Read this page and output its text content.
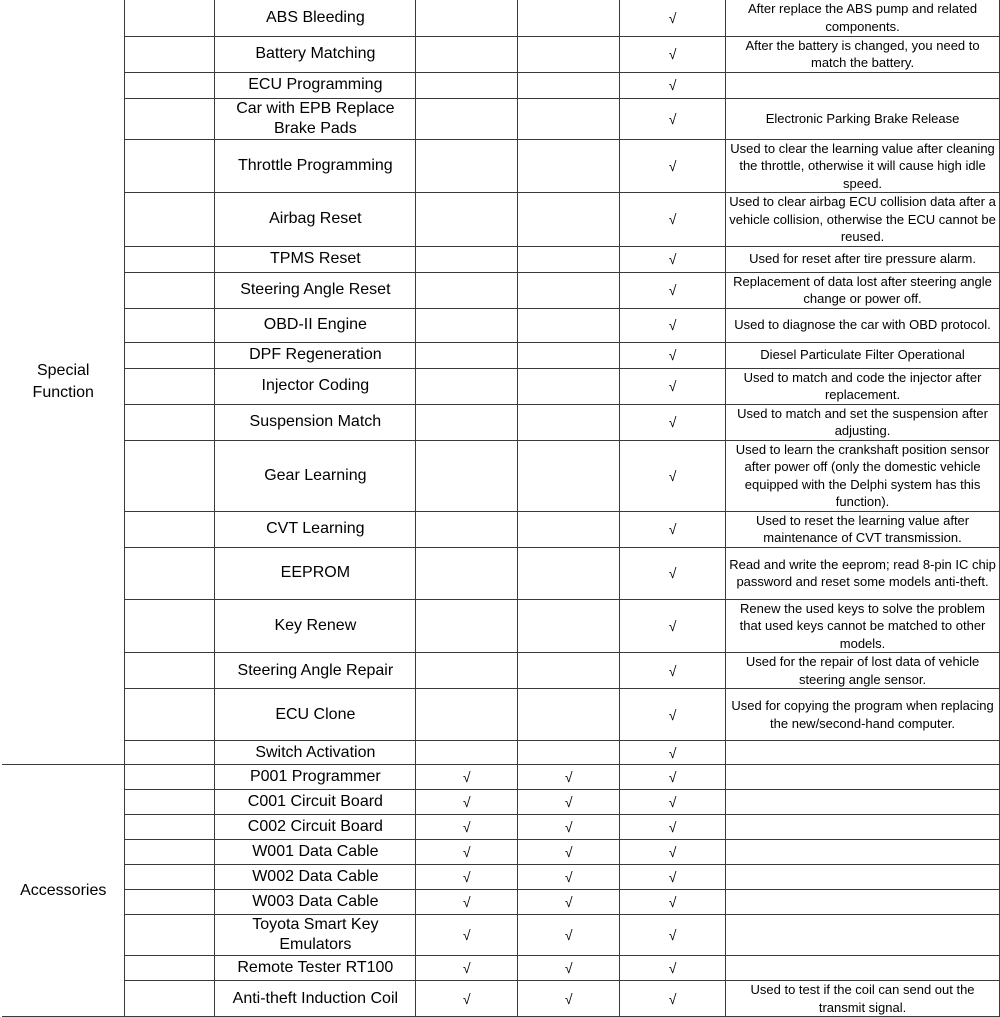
Special
Function		ABS Bleeding			√	After replace the ABS pump and related components.
		Battery Matching			√	After the battery is changed, you need to match the battery.
		ECU Programming			√	
		Car with EPB Replace Brake Pads			√	Electronic Parking Brake Release
		Throttle Programming			√	Used to clear the learning value after cleaning the throttle, otherwise it will cause high idle speed.
		Airbag Reset			√	Used to clear airbag ECU collision data after a vehicle collision, otherwise the ECU cannot be reused.
		TPMS Reset			√	Used for reset after tire pressure alarm.
		Steering Angle Reset			√	Replacement of data lost after steering angle change or power off.
		OBD-II Engine			√	Used to diagnose the car with OBD protocol.
		DPF Regeneration			√	Diesel Particulate Filter Operational
		Injector Coding			√	Used to match and code the injector after replacement.
		Suspension Match			√	Used to match and set the suspension after adjusting.
		Gear Learning			√	Used to learn the crankshaft position sensor after power off (only the domestic vehicle equipped with the Delphi system has this function).
		CVT Learning			√	Used to reset the learning value after maintenance of CVT transmission.
		EEPROM			√	Read and write the eeprom; read 8-pin IC chip password and reset some models anti-theft.
		Key Renew			√	Renew the used keys to solve the problem that used keys cannot be matched to other models.
		Steering Angle Repair			√	Used for the repair of lost data of vehicle steering angle sensor.
		ECU Clone			√	Used for copying the program when replacing the new/second-hand computer.
		Switch Activation			√	
Accessories		P001 Programmer	√	√	√	
		C001 Circuit Board	√	√	√	
		C002 Circuit Board	√	√	√	
		W001 Data Cable	√	√	√	
		W002 Data Cable	√	√	√	
		W003 Data Cable	√	√	√	
		Toyota Smart Key Emulators	√	√	√	
		Remote Tester RT100	√	√	√	
		Anti-theft Induction Coil	√	√	√	Used to test if the coil can send out the transmit signal.
